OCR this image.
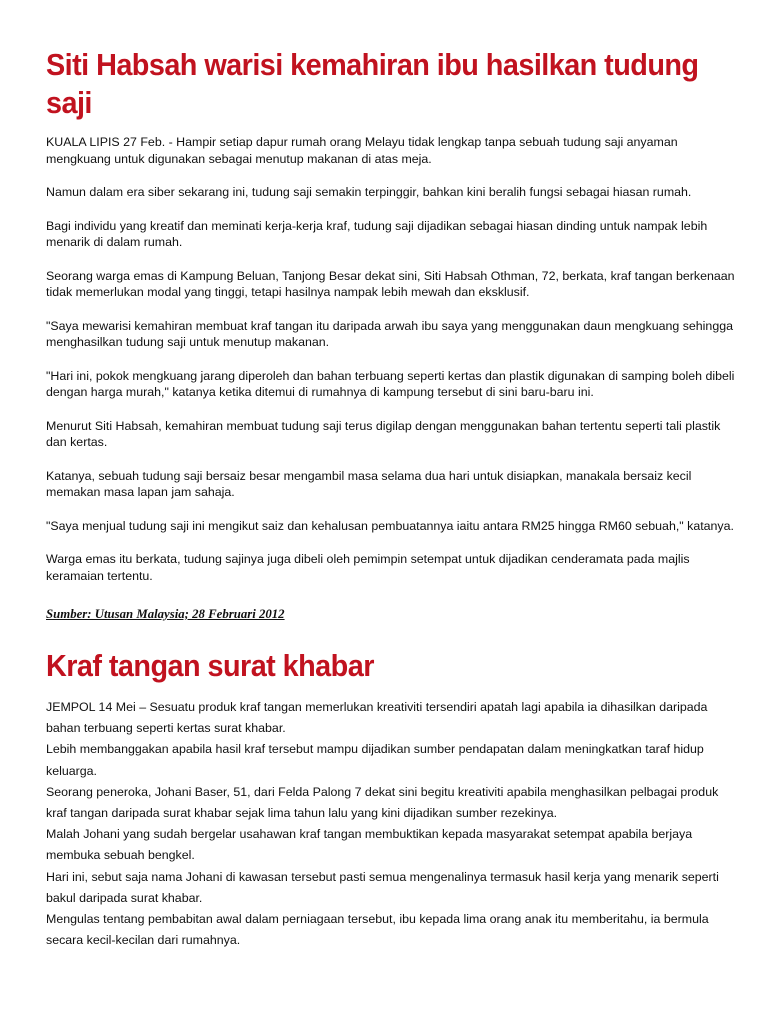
Siti Habsah warisi kemahiran ibu hasilkan tudung saji

KUALA LIPIS 27 Feb. - Hampir setiap dapur rumah orang Melayu tidak lengkap tanpa sebuah tudung saji anyaman mengkuang untuk digunakan sebagai menutup makanan di atas meja.

Namun dalam era siber sekarang ini, tudung saji semakin terpinggir, bahkan kini beralih fungsi sebagai hiasan rumah.

Bagi individu yang kreatif dan meminati kerja-kerja kraf, tudung saji dijadikan sebagai hiasan dinding untuk nampak lebih menarik di dalam rumah.

Seorang warga emas di Kampung Beluan, Tanjong Besar dekat sini, Siti Habsah Othman, 72, berkata, kraf tangan berkenaan tidak memerlukan modal yang tinggi, tetapi hasilnya nampak lebih mewah dan eksklusif.

"Saya mewarisi kemahiran membuat kraf tangan itu daripada arwah ibu saya yang menggunakan daun mengkuang sehingga menghasilkan tudung saji untuk menutup makanan.

"Hari ini, pokok mengkuang jarang diperoleh dan bahan terbuang seperti kertas dan plastik digunakan di samping boleh dibeli dengan harga murah," katanya ketika ditemui di rumahnya di kampung tersebut di sini baru-baru ini.

Menurut Siti Habsah, kemahiran membuat tudung saji terus digilap dengan menggunakan bahan tertentu seperti tali plastik dan kertas.

Katanya, sebuah tudung saji bersaiz besar mengambil masa selama dua hari untuk disiapkan, manakala bersaiz kecil memakan masa lapan jam sahaja.

"Saya menjual tudung saji ini mengikut saiz dan kehalusan pembuatannya iaitu antara RM25 hingga RM60 sebuah," katanya.

Warga emas itu berkata, tudung sajinya juga dibeli oleh pemimpin setempat untuk dijadikan cenderamata pada majlis keramaian tertentu.

Sumber: Utusan Malaysia; 28 Februari 2012
Kraf tangan surat khabar

JEMPOL 14 Mei – Sesuatu produk kraf tangan memerlukan kreativiti tersendiri apatah lagi apabila ia dihasilkan daripada bahan terbuang seperti kertas surat khabar.

Lebih membanggakan apabila hasil kraf tersebut mampu dijadikan sumber pendapatan dalam meningkatkan taraf hidup keluarga.

Seorang peneroka, Johani Baser, 51, dari Felda Palong 7 dekat sini begitu kreativiti apabila menghasilkan pelbagai produk kraf tangan daripada surat khabar sejak lima tahun lalu yang kini dijadikan sumber rezekinya.

Malah Johani yang sudah bergelar usahawan kraf tangan membuktikan kepada masyarakat setempat apabila berjaya membuka sebuah bengkel.

Hari ini, sebut saja nama Johani di kawasan tersebut pasti semua mengenalinya termasuk hasil kerja yang menarik seperti bakul daripada surat khabar.

Mengulas tentang pembabitan awal dalam perniagaan tersebut, ibu kepada lima orang anak itu memberitahu, ia bermula secara kecil-kecilan dari rumahnya.
